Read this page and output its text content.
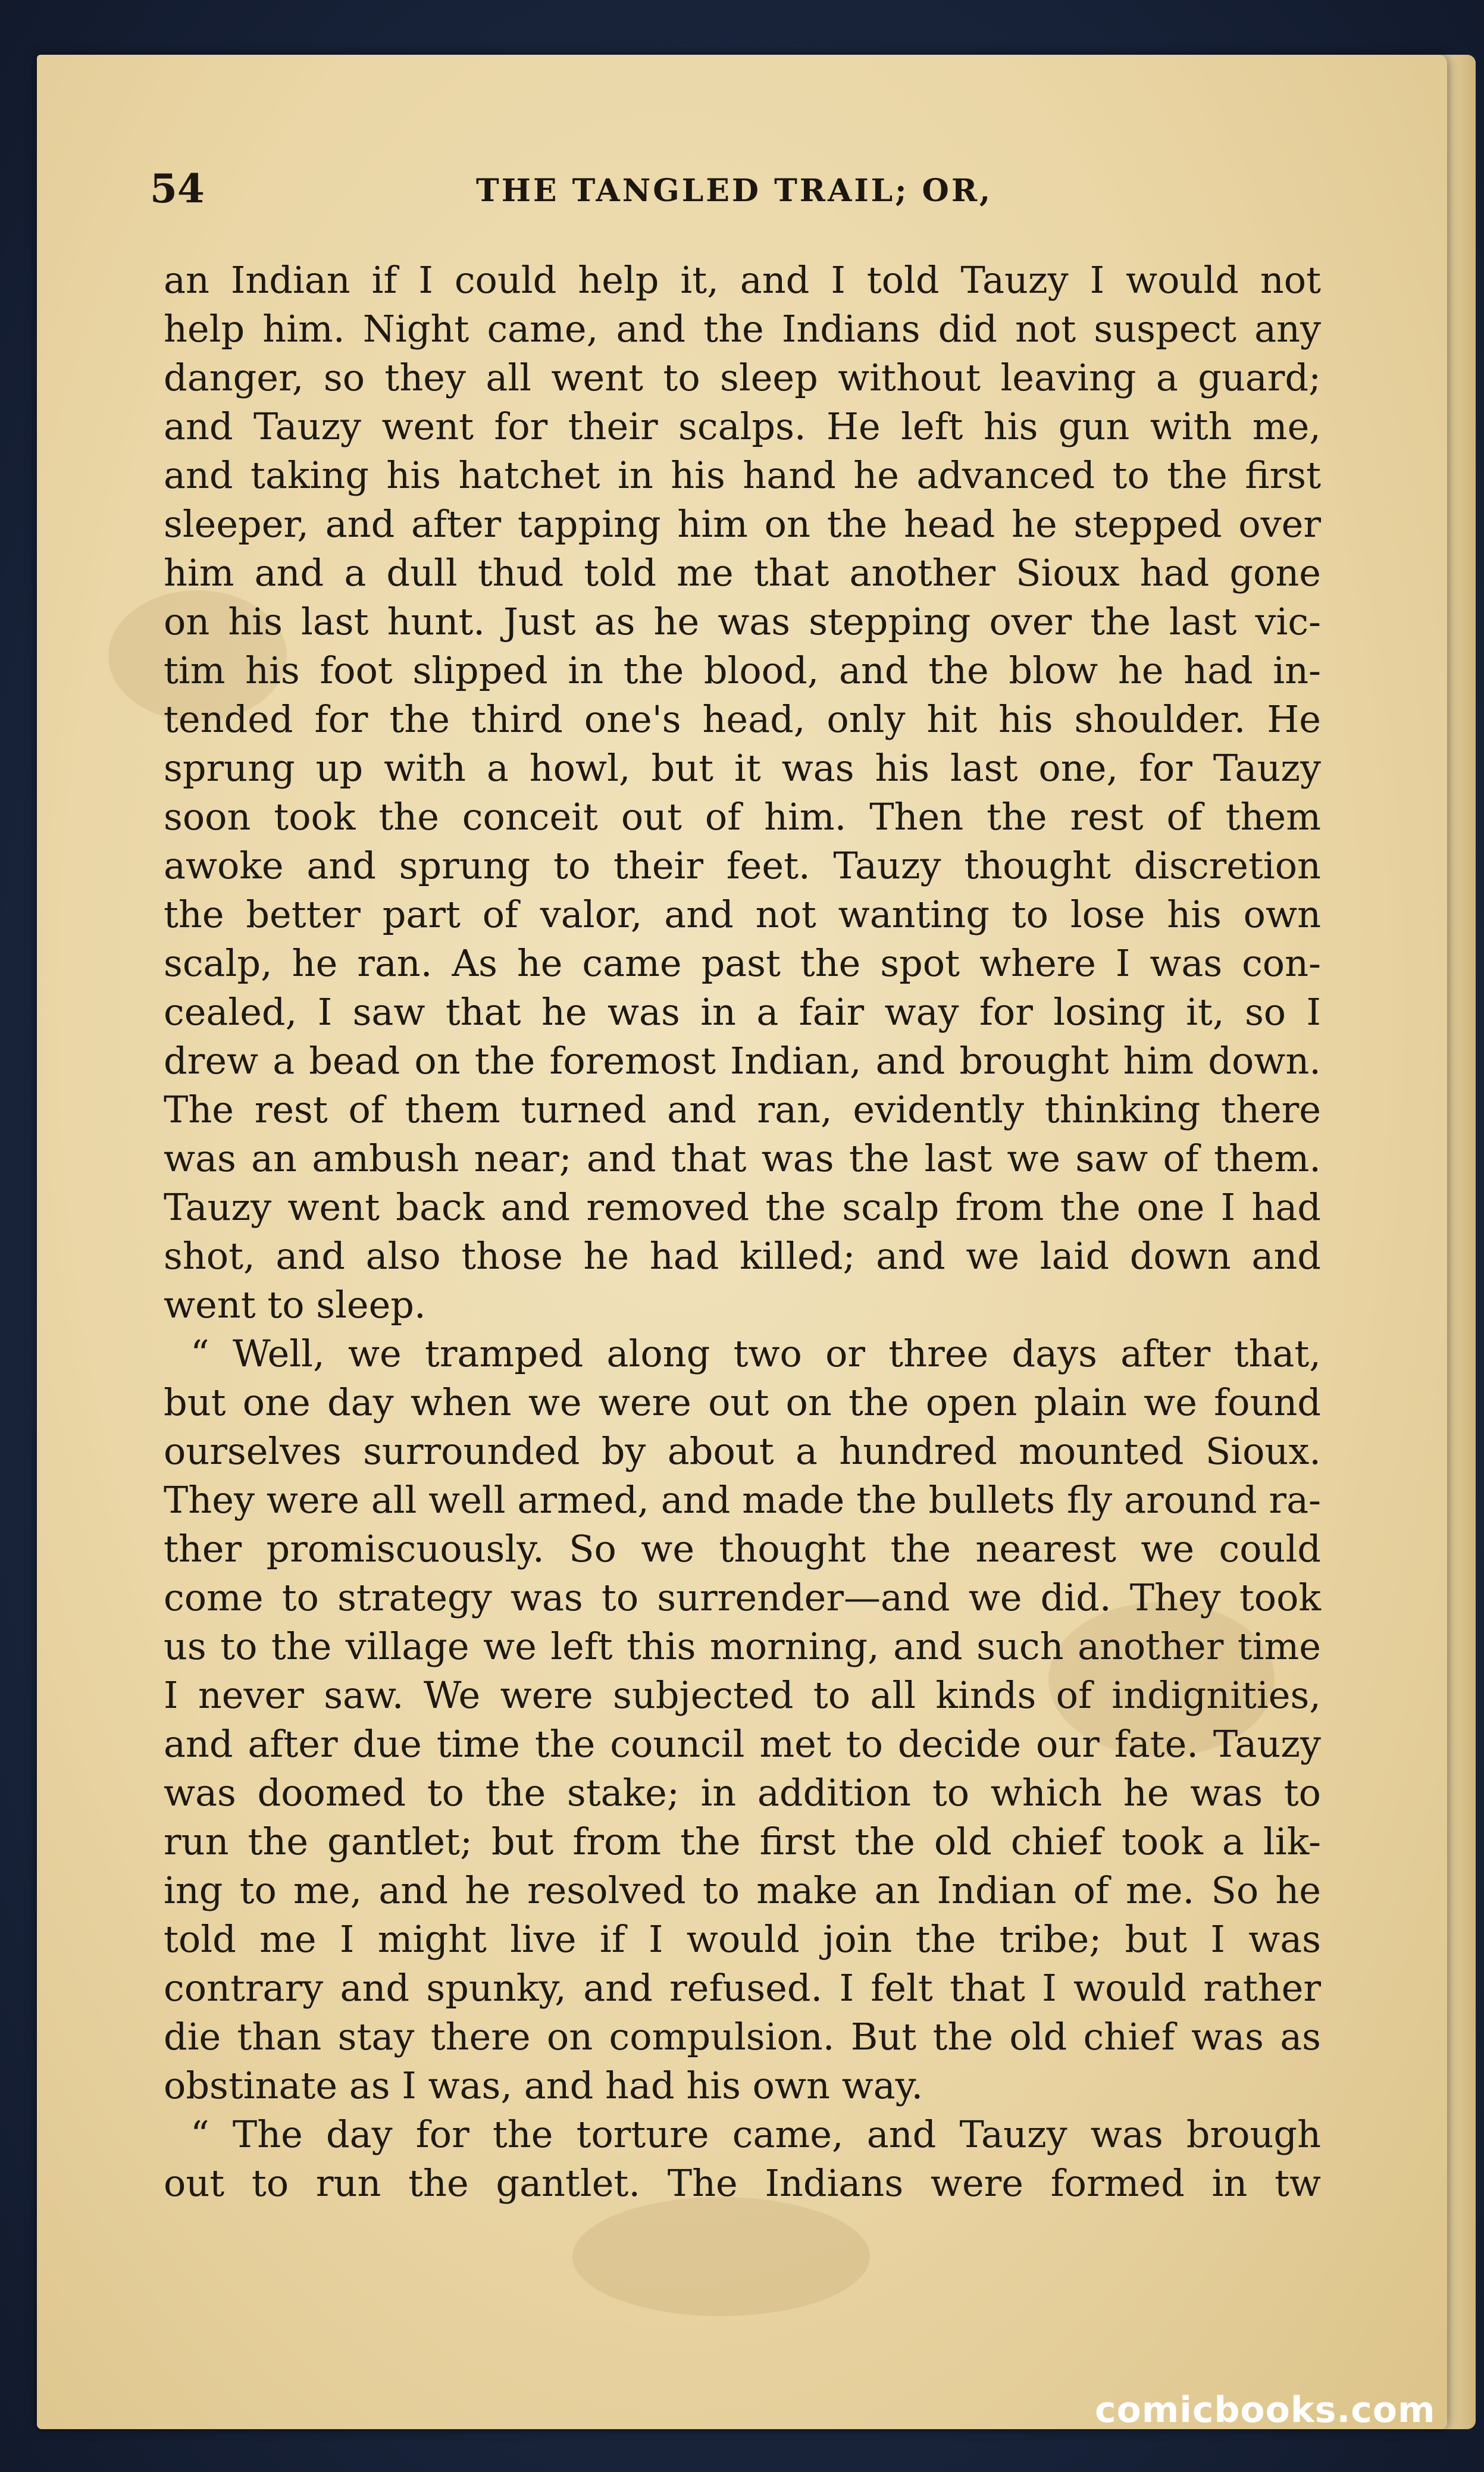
54	THE TANGLED TRAIL; OR,
an Indian if I could help it, and I told Tauzy I would not
help him. Night came, and the Indians did not suspect any
danger, so they all went to sleep without leaving a guard;
and Tauzy went for their scalps. He left his gun with me,
and taking his hatchet in his hand he advanced to the first
sleeper, and after tapping him on the head he stepped over
him and a dull thud told me that another Sioux had gone
on his last hunt. Just as he was stepping over the last vic-
tim his foot slipped in the blood, and the blow he had in-
tended for the third one's head, only hit his shoulder. He
sprung up with a howl, but it was his last one, for Tauzy
soon took the conceit out of him. Then the rest of them
awoke and sprung to their feet. Tauzy thought discretion
the better part of valor, and not wanting to lose his own
scalp, he ran. As he came past the spot where I was con-
cealed, I saw that he was in a fair way for losing it, so I
drew a bead on the foremost Indian, and brought him down.
The rest of them turned and ran, evidently thinking there
was an ambush near; and that was the last we saw of them.
Tauzy went back and removed the scalp from the one I had
shot, and also those he had killed; and we laid down and
went to sleep.
“ Well, we tramped along two or three days after that,
but one day when we were out on the open plain we found
ourselves surrounded by about a hundred mounted Sioux.
They were all well armed, and made the bullets fly around ra-
ther promiscuously. So we thought the nearest we could
come to strategy was to surrender—and we did. They took
us to the village we left this morning, and such another time
I never saw. We were subjected to all kinds of indignities,
and after due time the council met to decide our fate. Tauzy
was doomed to the stake; in addition to which he was to
run the gantlet; but from the first the old chief took a lik-
ing to me, and he resolved to make an Indian of me. So he
told me I might live if I would join the tribe; but I was
contrary and spunky, and refused. I felt that I would rather
die than stay there on compulsion. But the old chief was as
obstinate as I was, and had his own way.
“ The day for the torture came, and Tauzy was brough
out to run the gantlet. The Indians were formed in tw
comicbooks.com
